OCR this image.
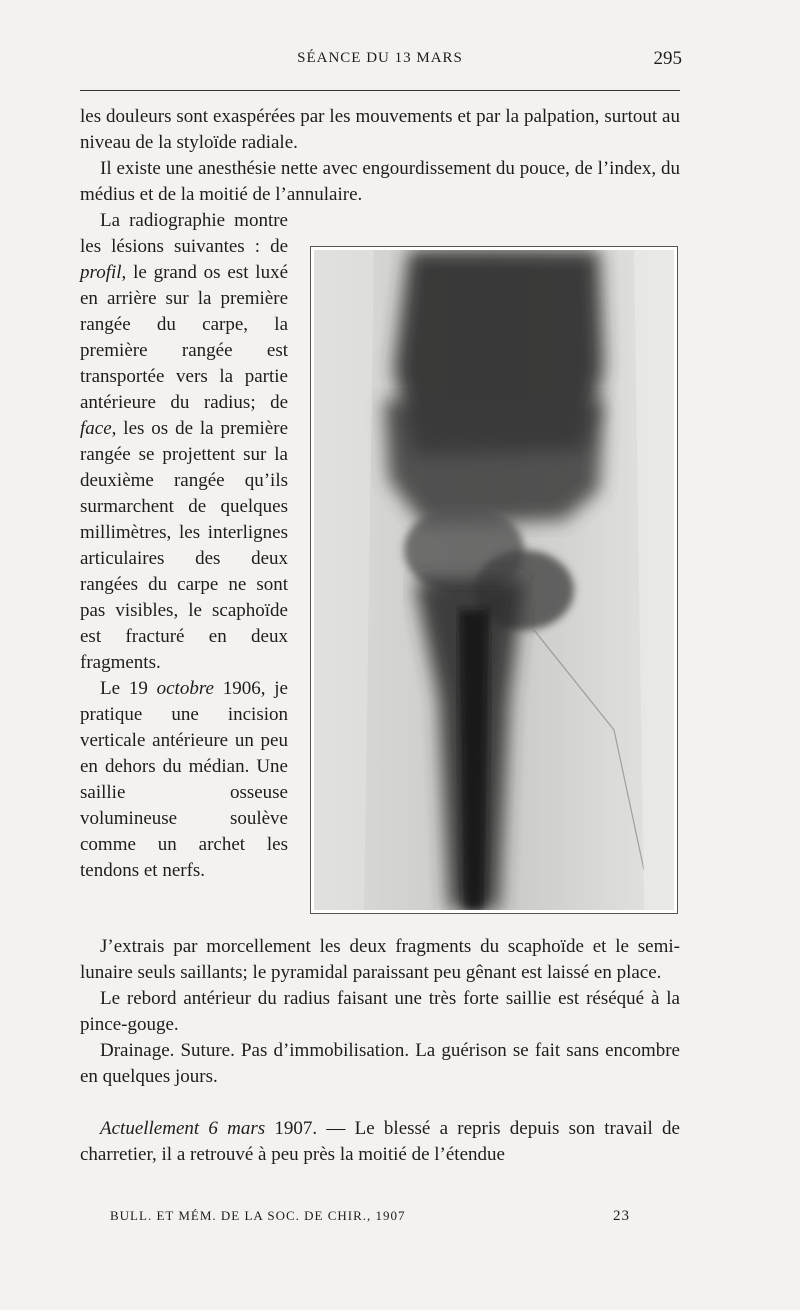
SÉANCE DU 13 MARS	295

les douleurs sont exaspérées par les mouvements et par la palpation, surtout au niveau de la styloïde radiale.

Il existe une anesthésie nette avec engourdissement du pouce, de l’index, du médius et de la moitié de l’annulaire.

La radiographie montre les lésions suivantes : de profil, le grand os est luxé en arrière sur la première rangée du carpe, la première rangée est transportée vers la partie antérieure du radius; de face, les os de la première rangée se projettent sur la deuxième rangée qu’ils surmarchent de quelques millimètres, les interlignes articulaires des deux rangées du carpe ne sont pas visibles, le scaphoïde est fracturé en deux fragments.

Le 19 octobre 1906, je pratique une incision verticale antérieure un peu en dehors du médian. Une saillie osseuse volumineuse soulève comme un archet les tendons et nerfs.

J’extrais par morcellement les deux fragments du scaphoïde et le semi-lunaire seuls saillants; le pyramidal paraissant peu gênant est laissé en place.

Le rebord antérieur du radius faisant une très forte saillie est réséqué à la pince-gouge.

Drainage. Suture. Pas d’immobilisation. La guérison se fait sans encombre en quelques jours.

Actuellement 6 mars 1907. — Le blessé a repris depuis son travail de charretier, il a retrouvé à peu près la moitié de l’étendue

BULL. ET MÉM. DE LA SOC. DE CHIR., 1907	23
